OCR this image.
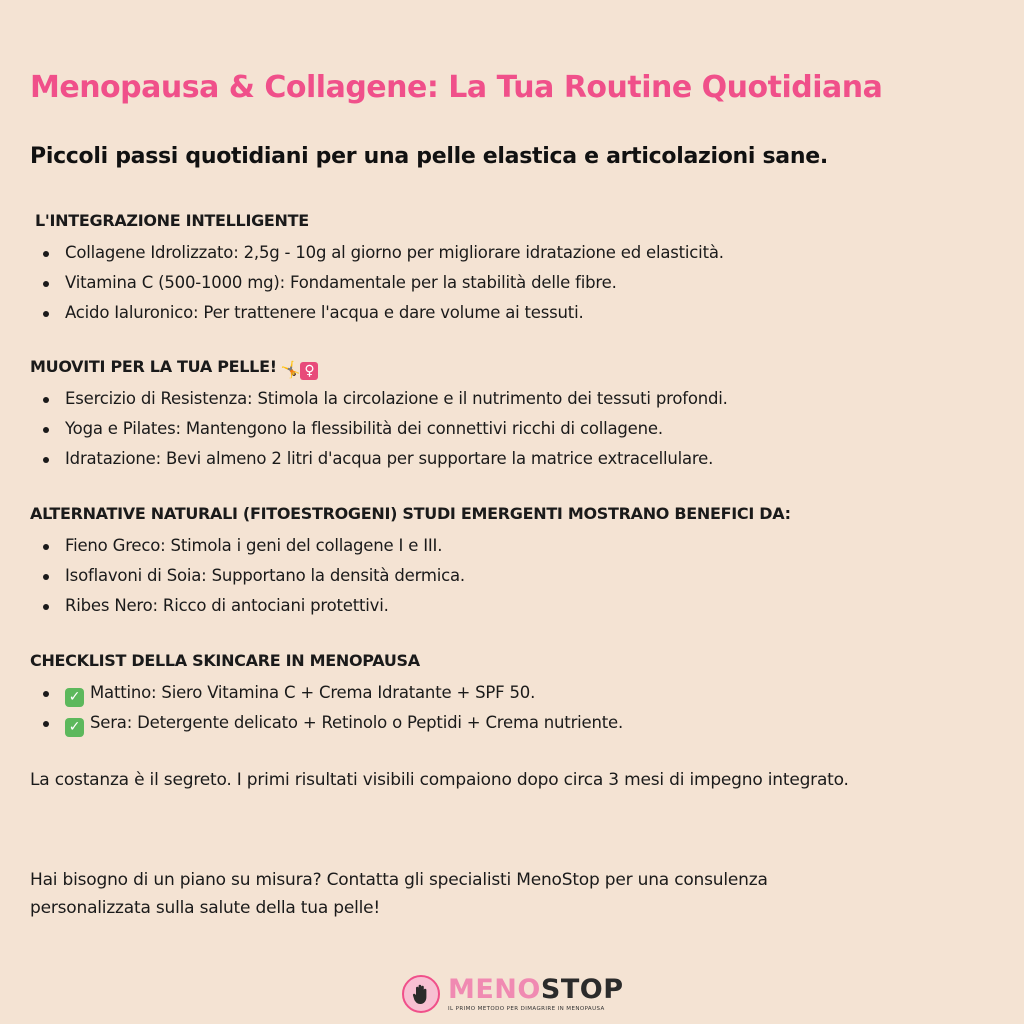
Menopausa & Collagene: La Tua Routine Quotidiana
Piccoli passi quotidiani per una pelle elastica e articolazioni sane.
L'INTEGRAZIONE INTELLIGENTE
Collagene Idrolizzato: 2,5g - 10g al giorno per migliorare idratazione ed elasticità.
Vitamina C (500-1000 mg): Fondamentale per la stabilità delle fibre.
Acido Ialuronico: Per trattenere l'acqua e dare volume ai tessuti.
MUOVITI PER LA TUA PELLE! 🤸 ♀
Esercizio di Resistenza: Stimola la circolazione e il nutrimento dei tessuti profondi.
Yoga e Pilates: Mantengono la flessibilità dei connettivi ricchi di collagene.
Idratazione: Bevi almeno 2 litri d'acqua per supportare la matrice extracellulare.
ALTERNATIVE NATURALI (FITOESTROGENI) STUDI EMERGENTI MOSTRANO BENEFICI DA:
Fieno Greco: Stimola i geni del collagene I e III.
Isoflavoni di Soia: Supportano la densità dermica.
Ribes Nero: Ricco di antociani protettivi.
CHECKLIST DELLA SKINCARE IN MENOPAUSA
✓ Mattino: Siero Vitamina C + Crema Idratante + SPF 50.
✓ Sera: Detergente delicato + Retinolo o Peptidi + Crema nutriente.
La costanza è il segreto. I primi risultati visibili compaiono dopo circa 3 mesi di impegno integrato.
Hai bisogno di un piano su misura? Contatta gli specialisti MenoStop per una consulenza
personalizzata sulla salute della tua pelle!
MENOSTOP
IL PRIMO METODO PER DIMAGRIRE IN MENOPAUSA
